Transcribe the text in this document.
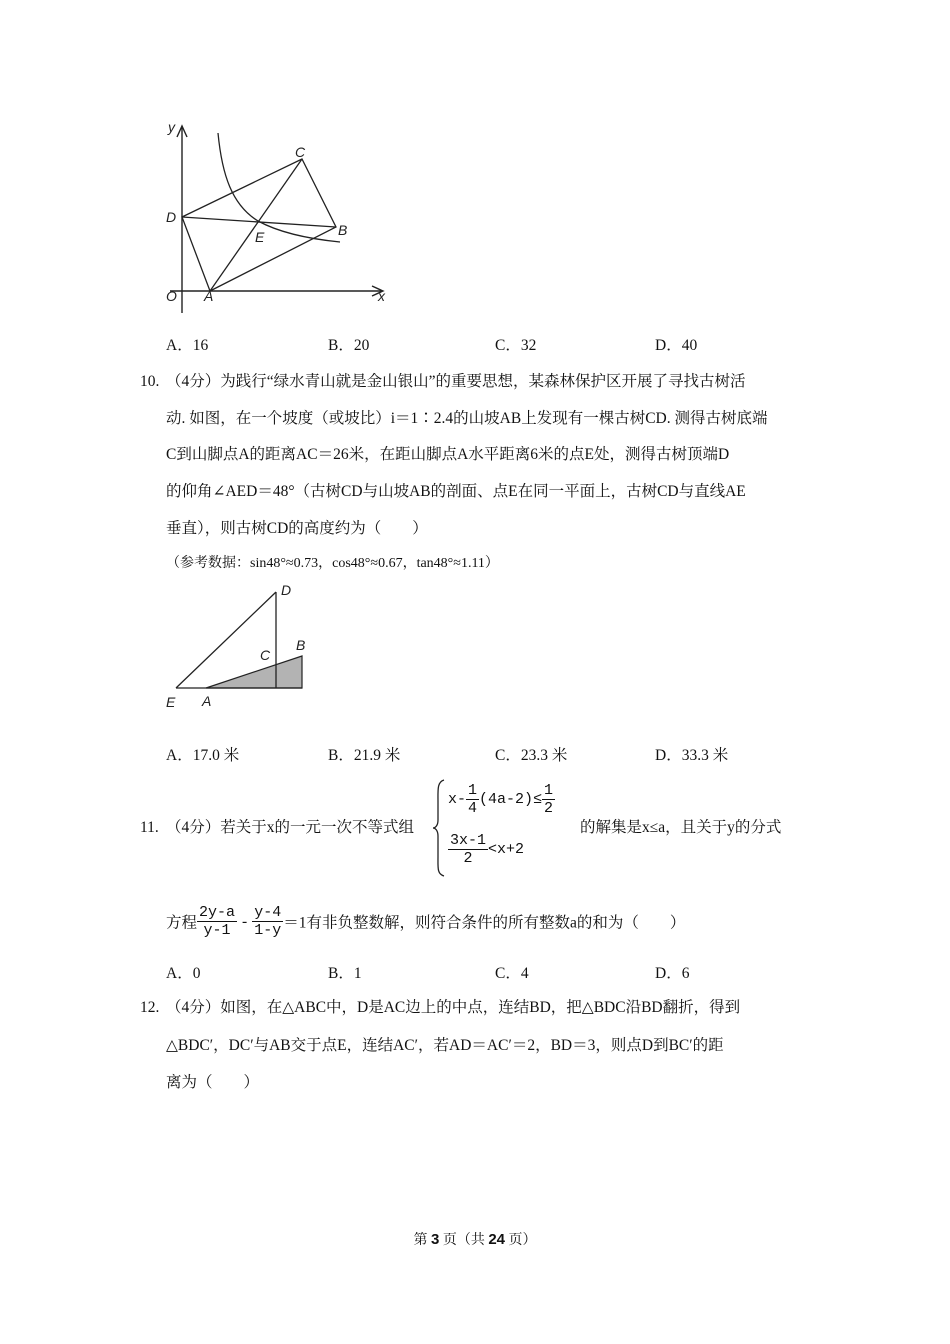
y
x
O A
B
C
D
E
A．16	B．20	C．32	D．40
10. （4分）为践行“绿水青山就是金山银山”的重要思想，某森林保护区开展了寻找古树活
动. 如图，在一个坡度（或坡比）i＝1∶2.4的山坡AB上发现有一棵古树CD. 测得古树底端
C到山脚点A的距离AC＝26米，在距山脚点A水平距离6米的点E处，测得古树顶端D
的仰角∠AED＝48°（古树CD与山坡AB的剖面、点E在同一平面上，古树CD与直线AE
垂直），则古树CD的高度约为（　　）
（参考数据：sin48°≈0.73，cos48°≈0.67，tan48°≈1.11）
D
B
C
E A
A．17.0 米	B．21.9 米	C．23.3 米	D．33.3 米
11. （4分）若关于x的一元一次不等式组
$x- \frac{1}{4} (4a-2)\le \frac{1}{2}$
$\frac{3x-1}{2} <x+2$
的解集是x≤a，且关于y的分式
方程 $\frac{2y-a}{y-1} - \frac{y-4}{1-y} =1$有非负整数解，则符合条件的所有整数a的和为（　　）
A．0	B．1	C．4	D．6
12. （4分）如图，在△ABC中，D是AC边上的中点，连结BD，把△BDC沿BD翻折，得到
△BDC′，DC′与AB交于点E，连结AC′，若AD＝AC′＝2，BD＝3，则点D到BC′的距
离为（　　）
第 3 页（共 24 页）
